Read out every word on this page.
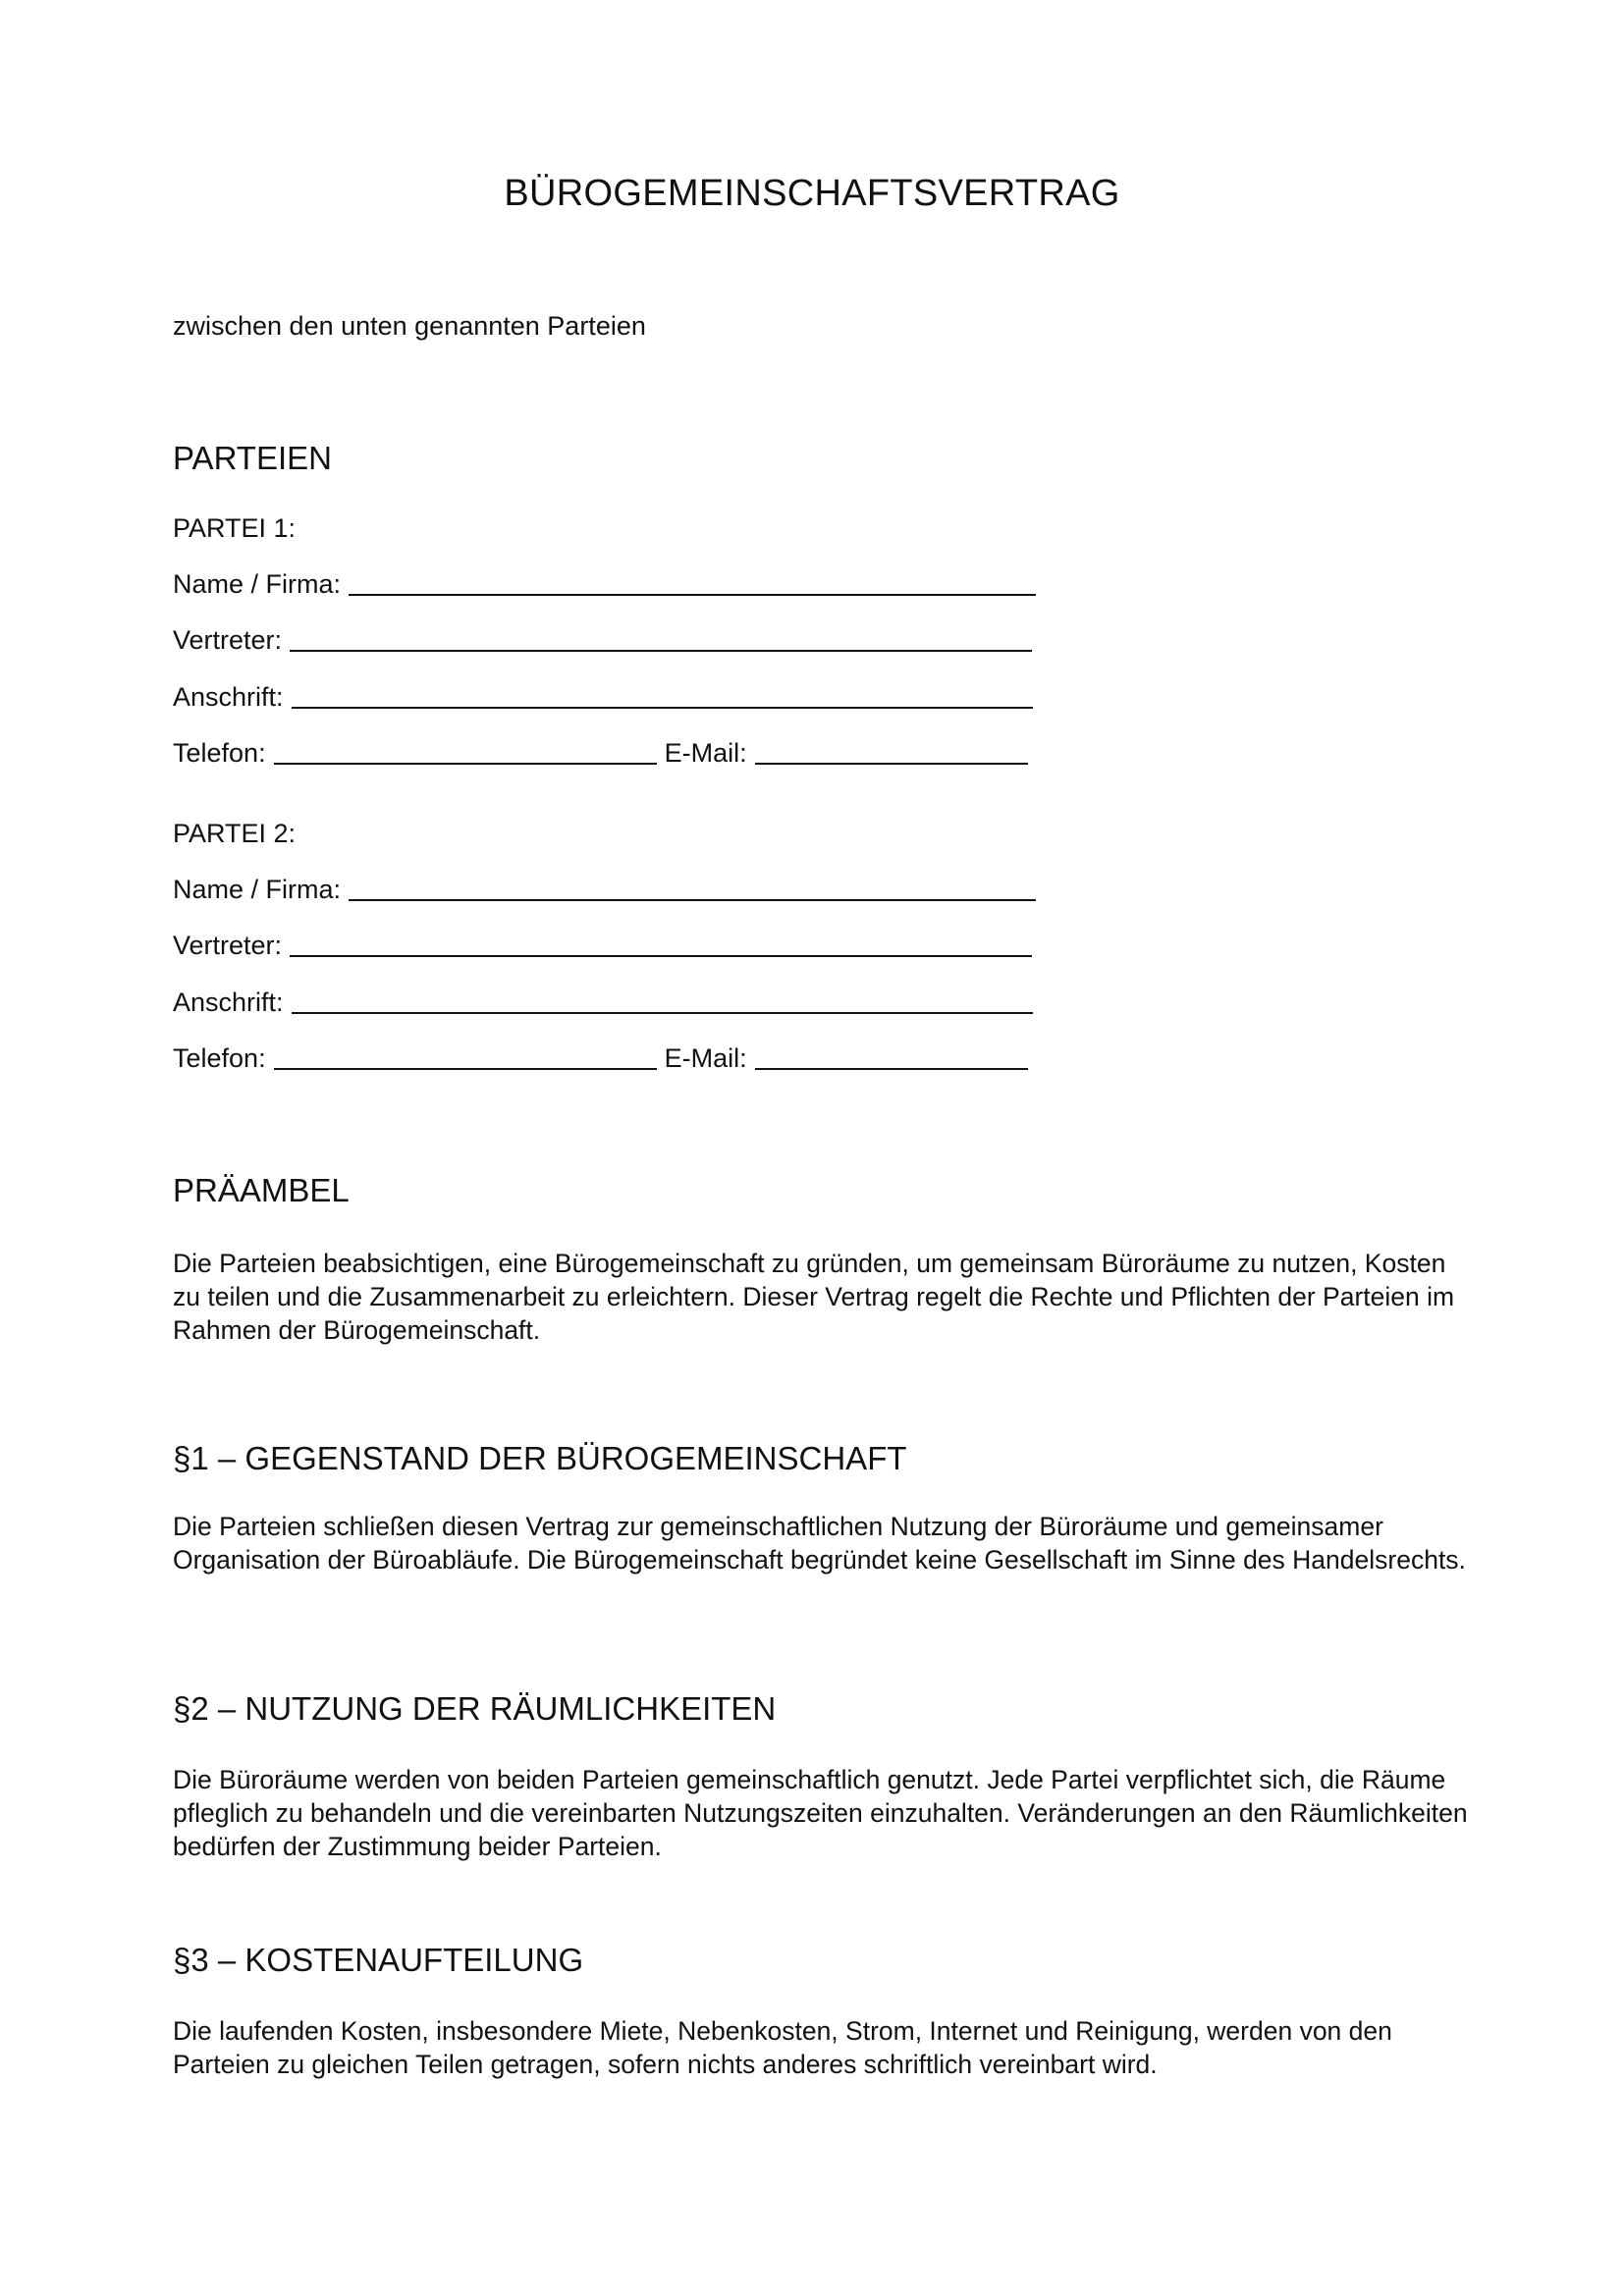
BÜROGEMEINSCHAFTSVERTRAG

zwischen den unten genannten Parteien

PARTEIEN

PARTEI 1:

Name / Firma:
Vertreter:
Anschrift:
Telefon:	E-Mail:

PARTEI 2:

Name / Firma:
Vertreter:
Anschrift:
Telefon:	E-Mail:
PRÄAMBEL

Die Parteien beabsichtigen, eine Bürogemeinschaft zu gründen, um gemeinsam Büroräume zu nutzen, Kosten zu teilen und die Zusammenarbeit zu erleichtern. Dieser Vertrag regelt die Rechte und Pflichten der Parteien im Rahmen der Bürogemeinschaft.

§1 – GEGENSTAND DER BÜROGEMEINSCHAFT

Die Parteien schließen diesen Vertrag zur gemeinschaftlichen Nutzung der Büroräume und gemeinsamer Organisation der Büroabläufe. Die Bürogemeinschaft begründet keine Gesellschaft im Sinne des Handelsrechts.

§2 – NUTZUNG DER RÄUMLICHKEITEN

Die Büroräume werden von beiden Parteien gemeinschaftlich genutzt. Jede Partei verpflichtet sich, die Räume pfleglich zu behandeln und die vereinbarten Nutzungszeiten einzuhalten. Veränderungen an den Räumlichkeiten bedürfen der Zustimmung beider Parteien.

§3 – KOSTENAUFTEILUNG

Die laufenden Kosten, insbesondere Miete, Nebenkosten, Strom, Internet und Reinigung, werden von den Parteien zu gleichen Teilen getragen, sofern nichts anderes schriftlich vereinbart wird.
